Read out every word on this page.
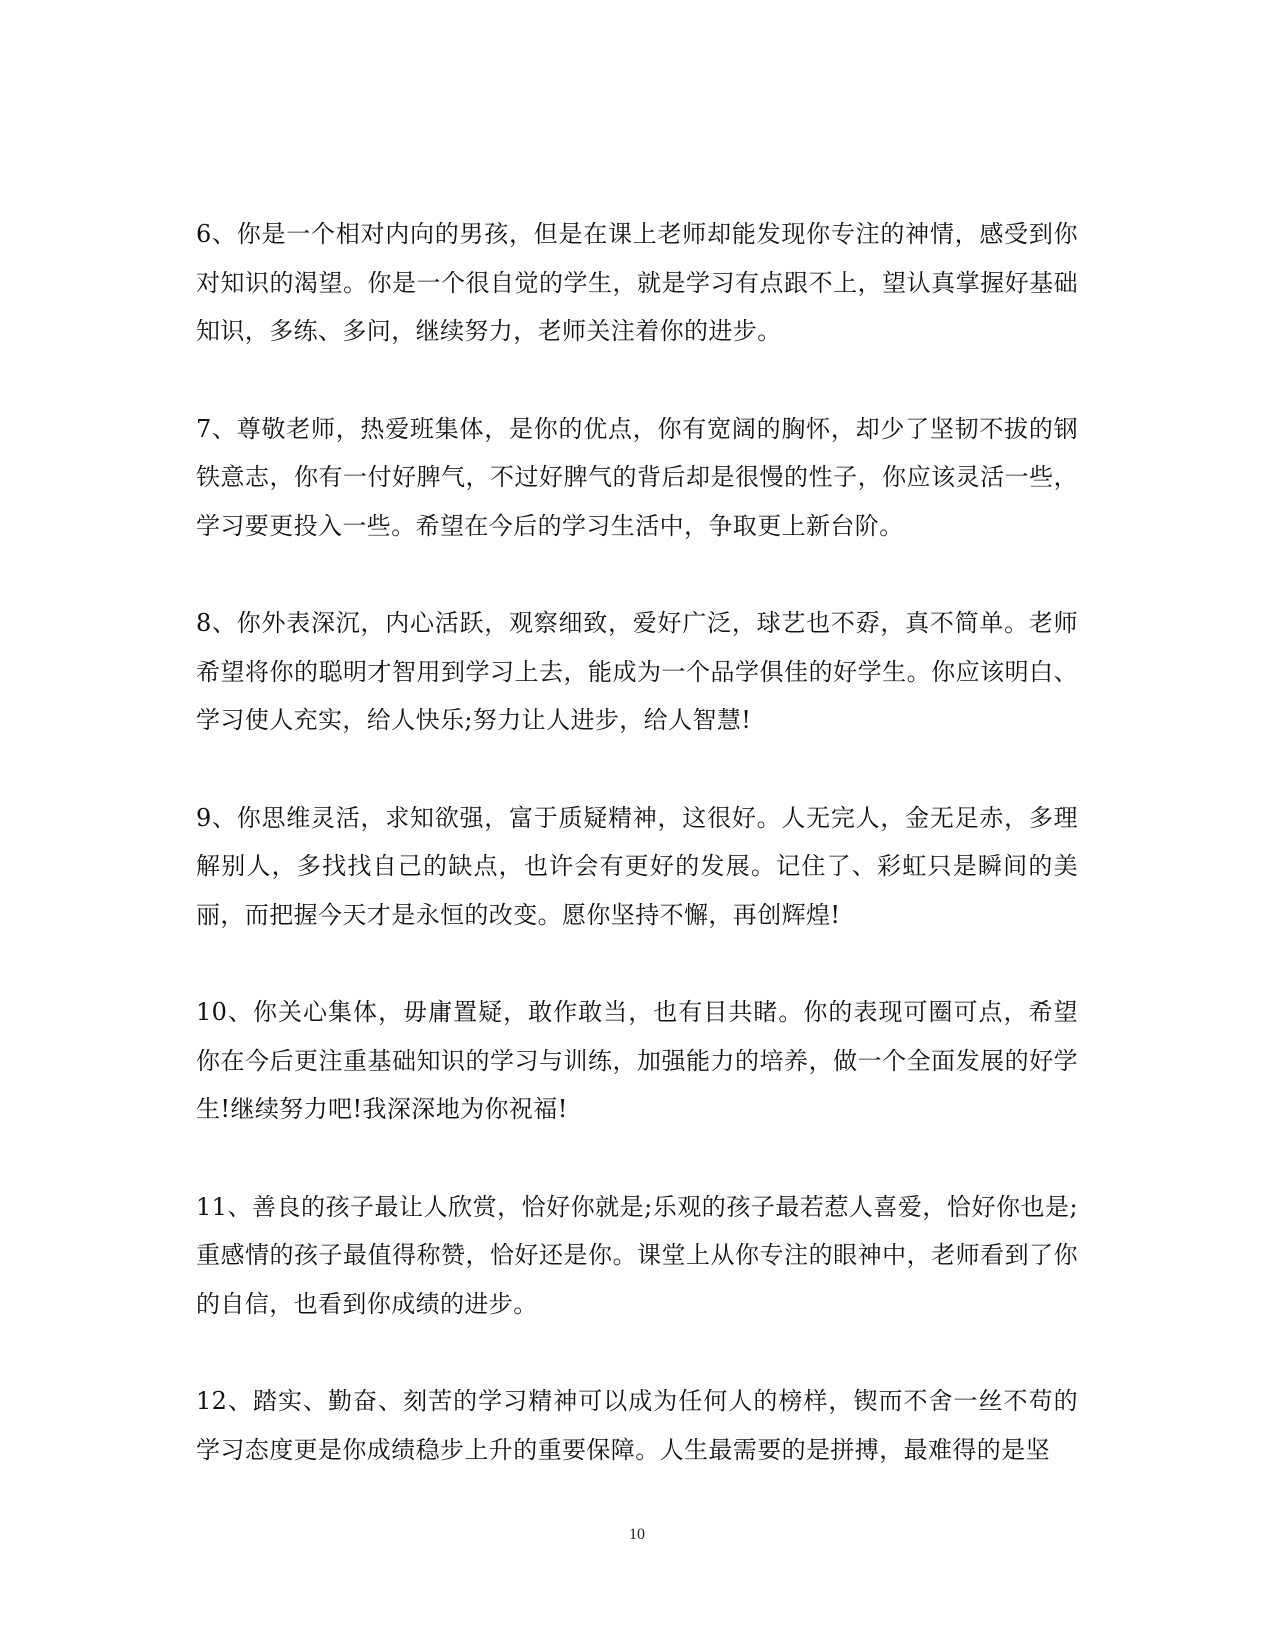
6、你是一个相对内向的男孩，但是在课上老师却能发现你专注的神情，感受到你对知识的渴望。你是一个很自觉的学生，就是学习有点跟不上，望认真掌握好基础知识，多练、多问，继续努力，老师关注着你的进步。

7、尊敬老师，热爱班集体，是你的优点，你有宽阔的胸怀，却少了坚韧不拔的钢铁意志，你有一付好脾气，不过好脾气的背后却是很慢的性子，你应该灵活一些，学习要更投入一些。希望在今后的学习生活中，争取更上新台阶。

8、你外表深沉，内心活跃，观察细致，爱好广泛，球艺也不孬，真不简单。老师希望将你的聪明才智用到学习上去，能成为一个品学俱佳的好学生。你应该明白、学习使人充实，给人快乐;努力让人进步，给人智慧!

9、你思维灵活，求知欲强，富于质疑精神，这很好。人无完人，金无足赤，多理解别人，多找找自己的缺点，也许会有更好的发展。记住了、彩虹只是瞬间的美丽，而把握今天才是永恒的改变。愿你坚持不懈，再创辉煌!

10、你关心集体，毋庸置疑，敢作敢当，也有目共睹。你的表现可圈可点，希望你在今后更注重基础知识的学习与训练，加强能力的培养，做一个全面发展的好学生!继续努力吧!我深深地为你祝福!

11、善良的孩子最让人欣赏，恰好你就是;乐观的孩子最若惹人喜爱，恰好你也是;重感情的孩子最值得称赞，恰好还是你。课堂上从你专注的眼神中，老师看到了你的自信，也看到你成绩的进步。

12、踏实、勤奋、刻苦的学习精神可以成为任何人的榜样，锲而不舍一丝不苟的学习态度更是你成绩稳步上升的重要保障。人生最需要的是拼搏，最难得的是坚

10
